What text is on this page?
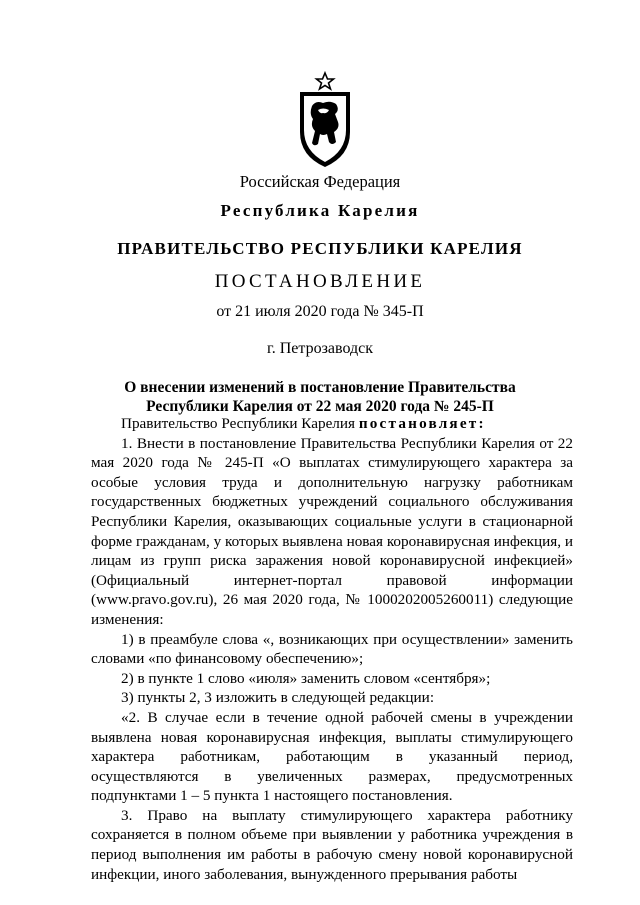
Российская Федерация
Республика Карелия
ПРАВИТЕЛЬСТВО РЕСПУБЛИКИ КАРЕЛИЯ
ПОСТАНОВЛЕНИЕ
от 21 июля 2020 года № 345-П
г. Петрозаводск
О внесении изменений в постановление Правительства
Республики Карелия от 22 мая 2020 года № 245-П

Правительство Республики Карелия постановляет:

1. Внести в постановление Правительства Республики Карелия от 22 мая 2020 года № 245-П «О выплатах стимулирующего характера за особые условия труда и дополнительную нагрузку работникам государственных бюджетных учреждений социального обслуживания Республики Карелия, оказывающих социальные услуги в стационарной форме гражданам, у которых выявлена новая коронавирусная инфекция, и лицам из групп риска заражения новой коронавирусной инфекцией» (Официальный интернет-портал правовой информации (www.pravo.gov.ru), 26 мая 2020 года, № 1000202005260011) следующие изменения:

1) в преамбуле слова «, возникающих при осуществлении» заменить словами «по финансовому обеспечению»;

2) в пункте 1 слово «июля» заменить словом «сентября»;

3) пункты 2, 3 изложить в следующей редакции:

«2. В случае если в течение одной рабочей смены в учреждении выявлена новая коронавирусная инфекция, выплаты стимулирующего характера работникам, работающим в указанный период, осуществляются в увеличенных размерах, предусмотренных подпунктами 1 – 5 пункта 1 настоящего постановления.

3. Право на выплату стимулирующего характера работнику сохраняется в полном объеме при выявлении у работника учреждения в период выполнения им работы в рабочую смену новой коронавирусной инфекции, иного заболевания, вынужденного прерывания работы
